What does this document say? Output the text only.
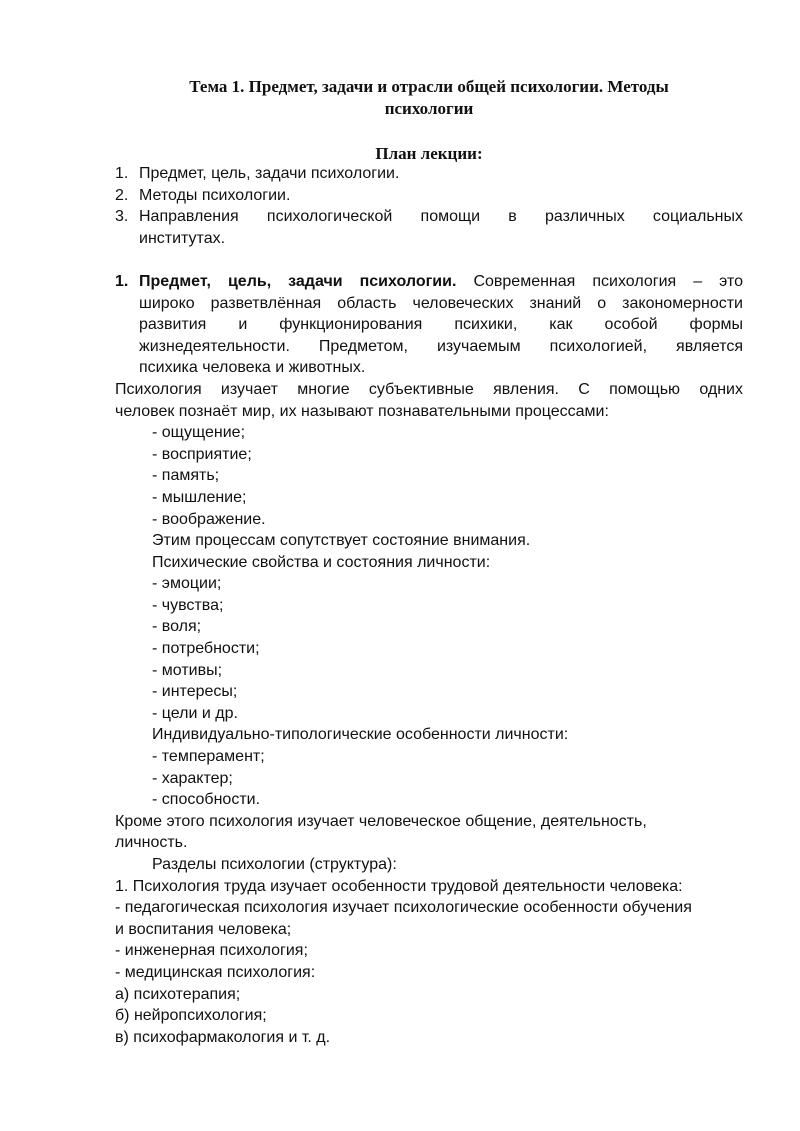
Тема 1. Предмет, задачи и отрасли общей психологии. Методы
психологии
План лекции:
1. Предмет, цель, задачи психологии.
2. Методы психологии.
3. Направления психологической помощи в различных социальных
институтах.
1. Предмет, цель, задачи психологии. Современная психология – это
широко разветвлённая область человеческих знаний о закономерности
развития и функционирования психики, как особой формы
жизнедеятельности. Предметом, изучаемым психологией, является
психика человека и животных.
Психология изучает многие субъективные явления. С помощью одних
человек познаёт мир, их называют познавательными процессами:
- ощущение;
- восприятие;
- память;
- мышление;
- воображение.
Этим процессам сопутствует состояние внимания.
Психические свойства и состояния личности:
- эмоции;
- чувства;
- воля;
- потребности;
- мотивы;
- интересы;
- цели и др.
Индивидуально-типологические особенности личности:
- темперамент;
- характер;
- способности.
Кроме этого психология изучает человеческое общение, деятельность,
личность.
Разделы психологии (структура):
1. Психология труда изучает особенности трудовой деятельности человека:
- педагогическая психология изучает психологические особенности обучения
и воспитания человека;
- инженерная психология;
- медицинская психология:
а) психотерапия;
б) нейропсихология;
в) психофармакология и т. д.
